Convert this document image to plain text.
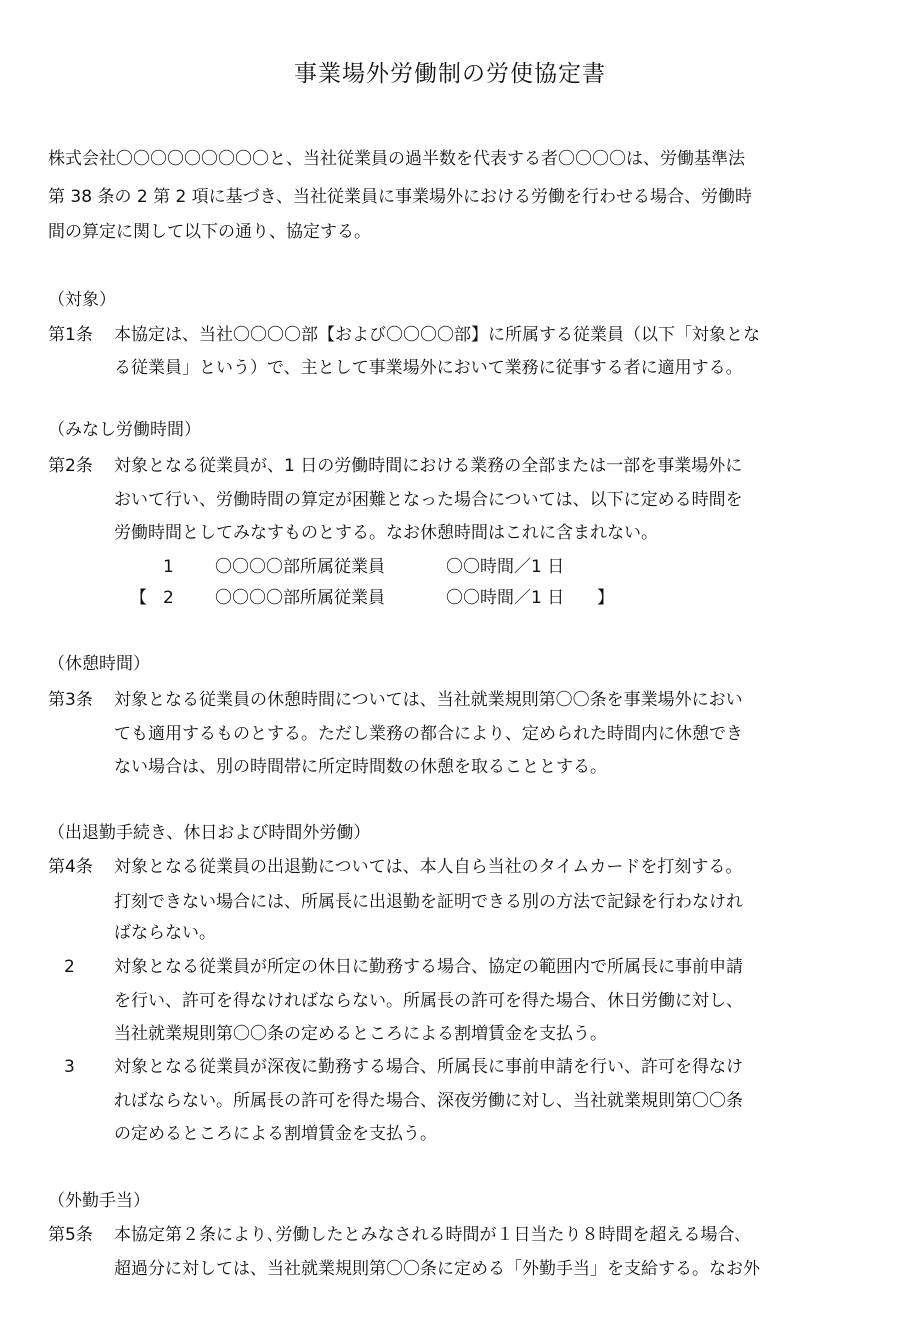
事業場外労働制の労使協定書
株式会社〇〇〇〇〇〇〇〇〇と、当社従業員の過半数を代表する者〇〇〇〇は、労働基準法
第 38 条の 2 第 2 項に基づき、当社従業員に事業場外における労働を行わせる場合、労働時
間の算定に関して以下の通り、協定する。
（対象）
第1条 本協定は、当社〇〇〇〇部【および〇〇〇〇部】に所属する従業員（以下「対象とな
る従業員」という）で、主として事業場外において業務に従事する者に適用する。
（みなし労働時間）
第2条 対象となる従業員が、1 日の労働時間における業務の全部または一部を事業場外に
おいて行い、労働時間の算定が困難となった場合については、以下に定める時間を
労働時間としてみなすものとする。なお休憩時間はこれに含まれない。
1 〇〇〇〇部所属従業員	〇〇時間／1 日
【 2 〇〇〇〇部所属従業員	〇〇時間／1 日 】
（休憩時間）
第3条 対象となる従業員の休憩時間については、当社就業規則第〇〇条を事業場外におい
ても適用するものとする。ただし業務の都合により、定められた時間内に休憩でき
ない場合は、別の時間帯に所定時間数の休憩を取ることとする。
（出退勤手続き、休日および時間外労働）
第4条 対象となる従業員の出退勤については、本人自ら当社のタイムカードを打刻する。
打刻できない場合には、所属長に出退勤を証明できる別の方法で記録を行わなけれ
ばならない。
2 対象となる従業員が所定の休日に勤務する場合、協定の範囲内で所属長に事前申請
を行い、許可を得なければならない。所属長の許可を得た場合、休日労働に対し、
当社就業規則第〇〇条の定めるところによる割増賃金を支払う。
3 対象となる従業員が深夜に勤務する場合、所属長に事前申請を行い、許可を得なけ
ればならない。所属長の許可を得た場合、深夜労働に対し、当社就業規則第〇〇条
の定めるところによる割増賃金を支払う。
（外勤手当）
第5条 本協定第２条により､労働したとみなされる時間が１日当たり８時間を超える場合､
超過分に対しては、当社就業規則第〇〇条に定める「外勤手当」を支給する。なお外
